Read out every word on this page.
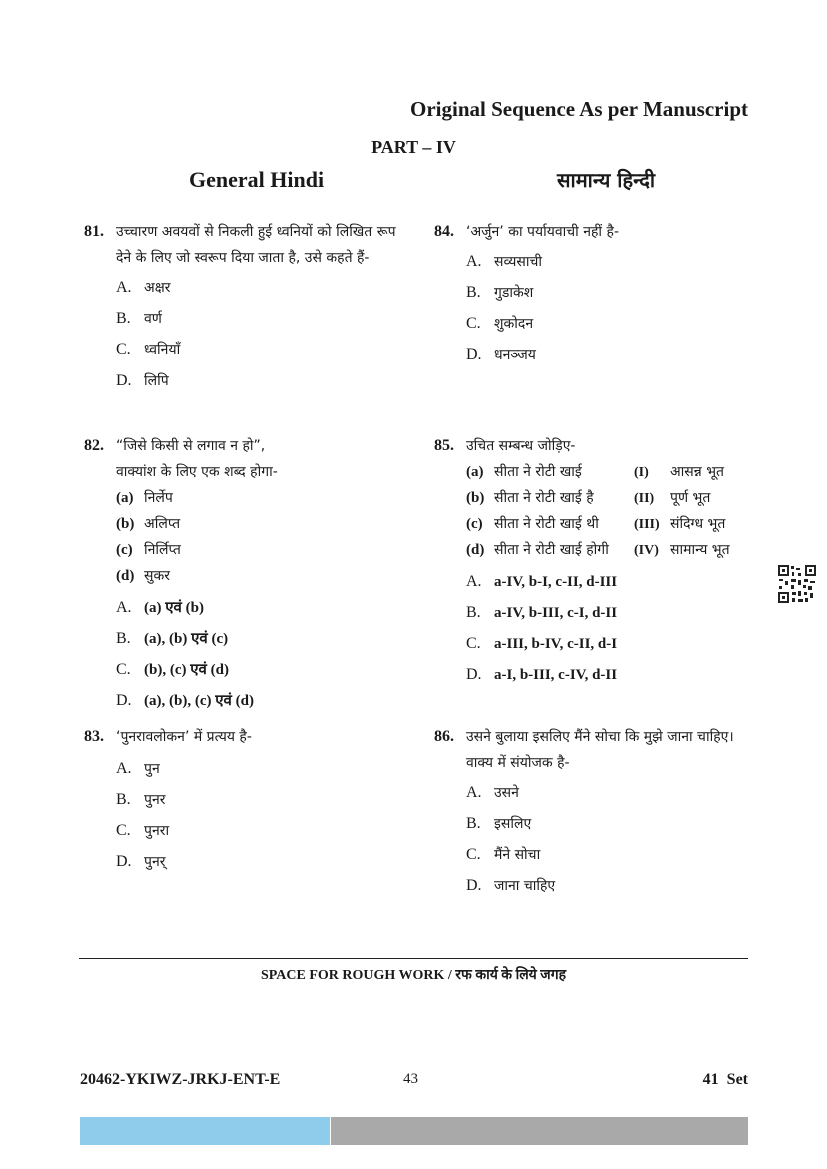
Original Sequence As per Manuscript
PART – IV
General Hindi	सामान्य हिन्दी
81. उच्चारण अवयवों से निकली हुई ध्वनियों को लिखित रूप देने के लिए जो स्वरूप दिया जाता है, उसे कहते हैं-
A. अक्षर
B. वर्ण
C. ध्वनियाँ
D. लिपि
82. “जिसे किसी से लगाव न हो”,
वाक्यांश के लिए एक शब्द होगा-
(a) निर्लेप
(b) अलिप्त
(c) निर्लिप्त
(d) सुकर
A. (a) एवं (b)
B. (a), (b) एवं (c)
C. (b), (c) एवं (d)
D. (a), (b), (c) एवं (d)
83. ‘पुनरावलोकन’ में प्रत्यय है-
A. पुन
B. पुनर
C. पुनरा
D. पुनर्
84. ‘अर्जुन’ का पर्यायवाची नहीं है-
A. सव्यसाची
B. गुडाकेश
C. शुकोदन
D. धनञ्जय
85. उचित सम्बन्ध जोड़िए-
(a) सीता ने रोटी खाई	(I)	आसन्न भूत
(b) सीता ने रोटी खाई है	(II)	पूर्ण भूत
(c) सीता ने रोटी खाई थी	(III) संदिग्ध भूत
(d) सीता ने रोटी खाई होगी	(IV) सामान्य भूत
A. a-IV, b-I, c-II, d-III
B. a-IV, b-III, c-I, d-II
C. a-III, b-IV, c-II, d-I
D. a-I, b-III, c-IV, d-II
86. उसने बुलाया इसलिए मैंने सोचा कि मुझे जाना चाहिए।
वाक्य में संयोजक है-
A. उसने
B. इसलिए
C. मैंने सोचा
D. जाना चाहिए
SPACE FOR ROUGH WORK / रफ कार्य के लिये जगह
20462-YKIWZ-JRKJ-ENT-E	43	41  Set
